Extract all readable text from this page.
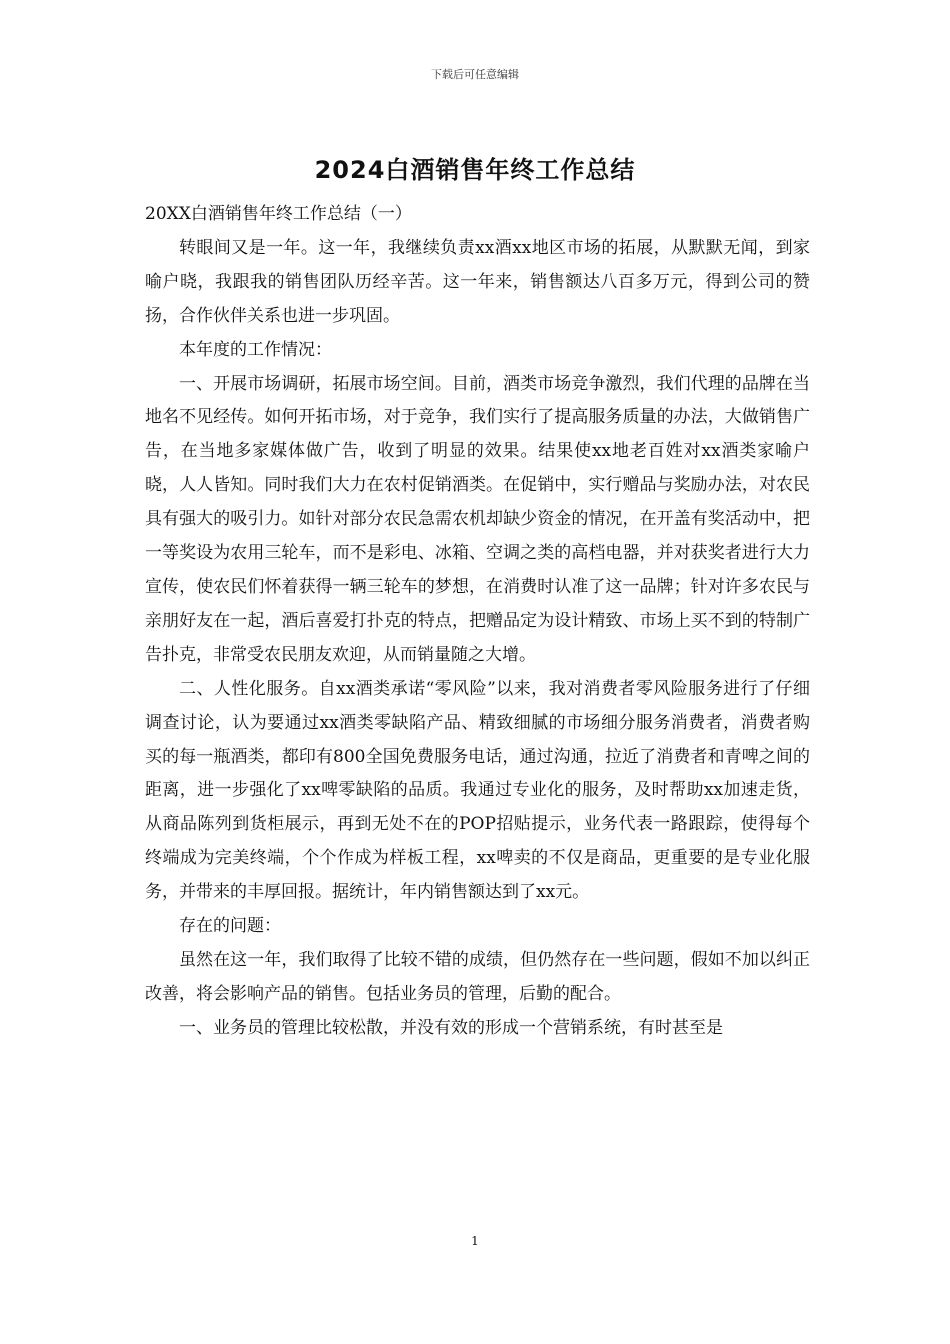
下载后可任意编辑
2024白酒销售年终工作总结

20XX白酒销售年终工作总结（一）

转眼间又是一年。这一年，我继续负责xx酒xx地区市场的拓展，从默默无闻，到家喻户晓，我跟我的销售团队历经辛苦。这一年来，销售额达八百多万元，得到公司的赞扬，合作伙伴关系也进一步巩固。

本年度的工作情况：

一、开展市场调研，拓展市场空间。目前，酒类市场竞争激烈，我们代理的品牌在当地名不见经传。如何开拓市场，对于竞争，我们实行了提高服务质量的办法，大做销售广告，在当地多家媒体做广告，收到了明显的效果。结果使xx地老百姓对xx酒类家喻户晓，人人皆知。同时我们大力在农村促销酒类。在促销中，实行赠品与奖励办法，对农民具有强大的吸引力。如针对部分农民急需农机却缺少资金的情况，在开盖有奖活动中，把一等奖设为农用三轮车，而不是彩电、冰箱、空调之类的高档电器，并对获奖者进行大力宣传，使农民们怀着获得一辆三轮车的梦想，在消费时认准了这一品牌；针对许多农民与亲朋好友在一起，酒后喜爱打扑克的特点，把赠品定为设计精致、市场上买不到的特制广告扑克，非常受农民朋友欢迎，从而销量随之大增。

二、人性化服务。自xx酒类承诺“零风险”以来，我对消费者零风险服务进行了仔细调查讨论，认为要通过xx酒类零缺陷产品、精致细腻的市场细分服务消费者，消费者购买的每一瓶酒类，都印有800全国免费服务电话，通过沟通，拉近了消费者和青啤之间的距离，进一步强化了xx啤零缺陷的品质。我通过专业化的服务，及时帮助xx加速走货，从商品陈列到货柜展示，再到无处不在的POP招贴提示，业务代表一路跟踪，使得每个终端成为完美终端，个个作成为样板工程，xx啤卖的不仅是商品，更重要的是专业化服务，并带来的丰厚回报。据统计，年内销售额达到了xx元。

存在的问题：

虽然在这一年，我们取得了比较不错的成绩，但仍然存在一些问题，假如不加以纠正改善，将会影响产品的销售。包括业务员的管理，后勤的配合。

一、业务员的管理比较松散，并没有效的形成一个营销系统，有时甚至是

1
